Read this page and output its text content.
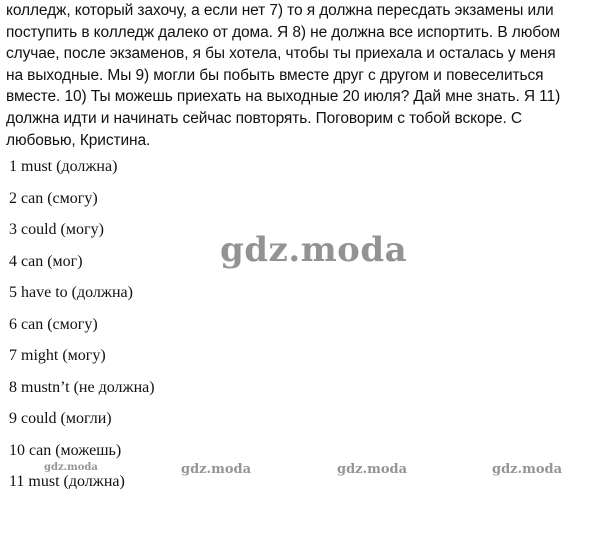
колледж, который захочу, а если нет 7) то я должна пересдать экзамены или
поступить в колледж далеко от дома. Я 8) не должна все испортить. В любом
случае, после экзаменов, я бы хотела, чтобы ты приехала и осталась у меня
на выходные. Мы 9) могли бы побыть вместе друг с другом и повеселиться
вместе. 10) Ты можешь приехать на выходные 20 июля? Дай мне знать. Я 11)
должна идти и начинать сейчас повторять. Поговорим с тобой вскоре. С
любовью, Кристина.
1 must (должна)
2 can (смогу)
3 could (могу)
4 can (мог)
5 have to (должна)
6 can (смогу)
7 might (могу)
8 mustn’t (не должна)
9 could (могли)
10 can (можешь)
11 must (должна)
gdz.moda
gdz.moda	gdz.moda	gdz.moda	gdz.moda
